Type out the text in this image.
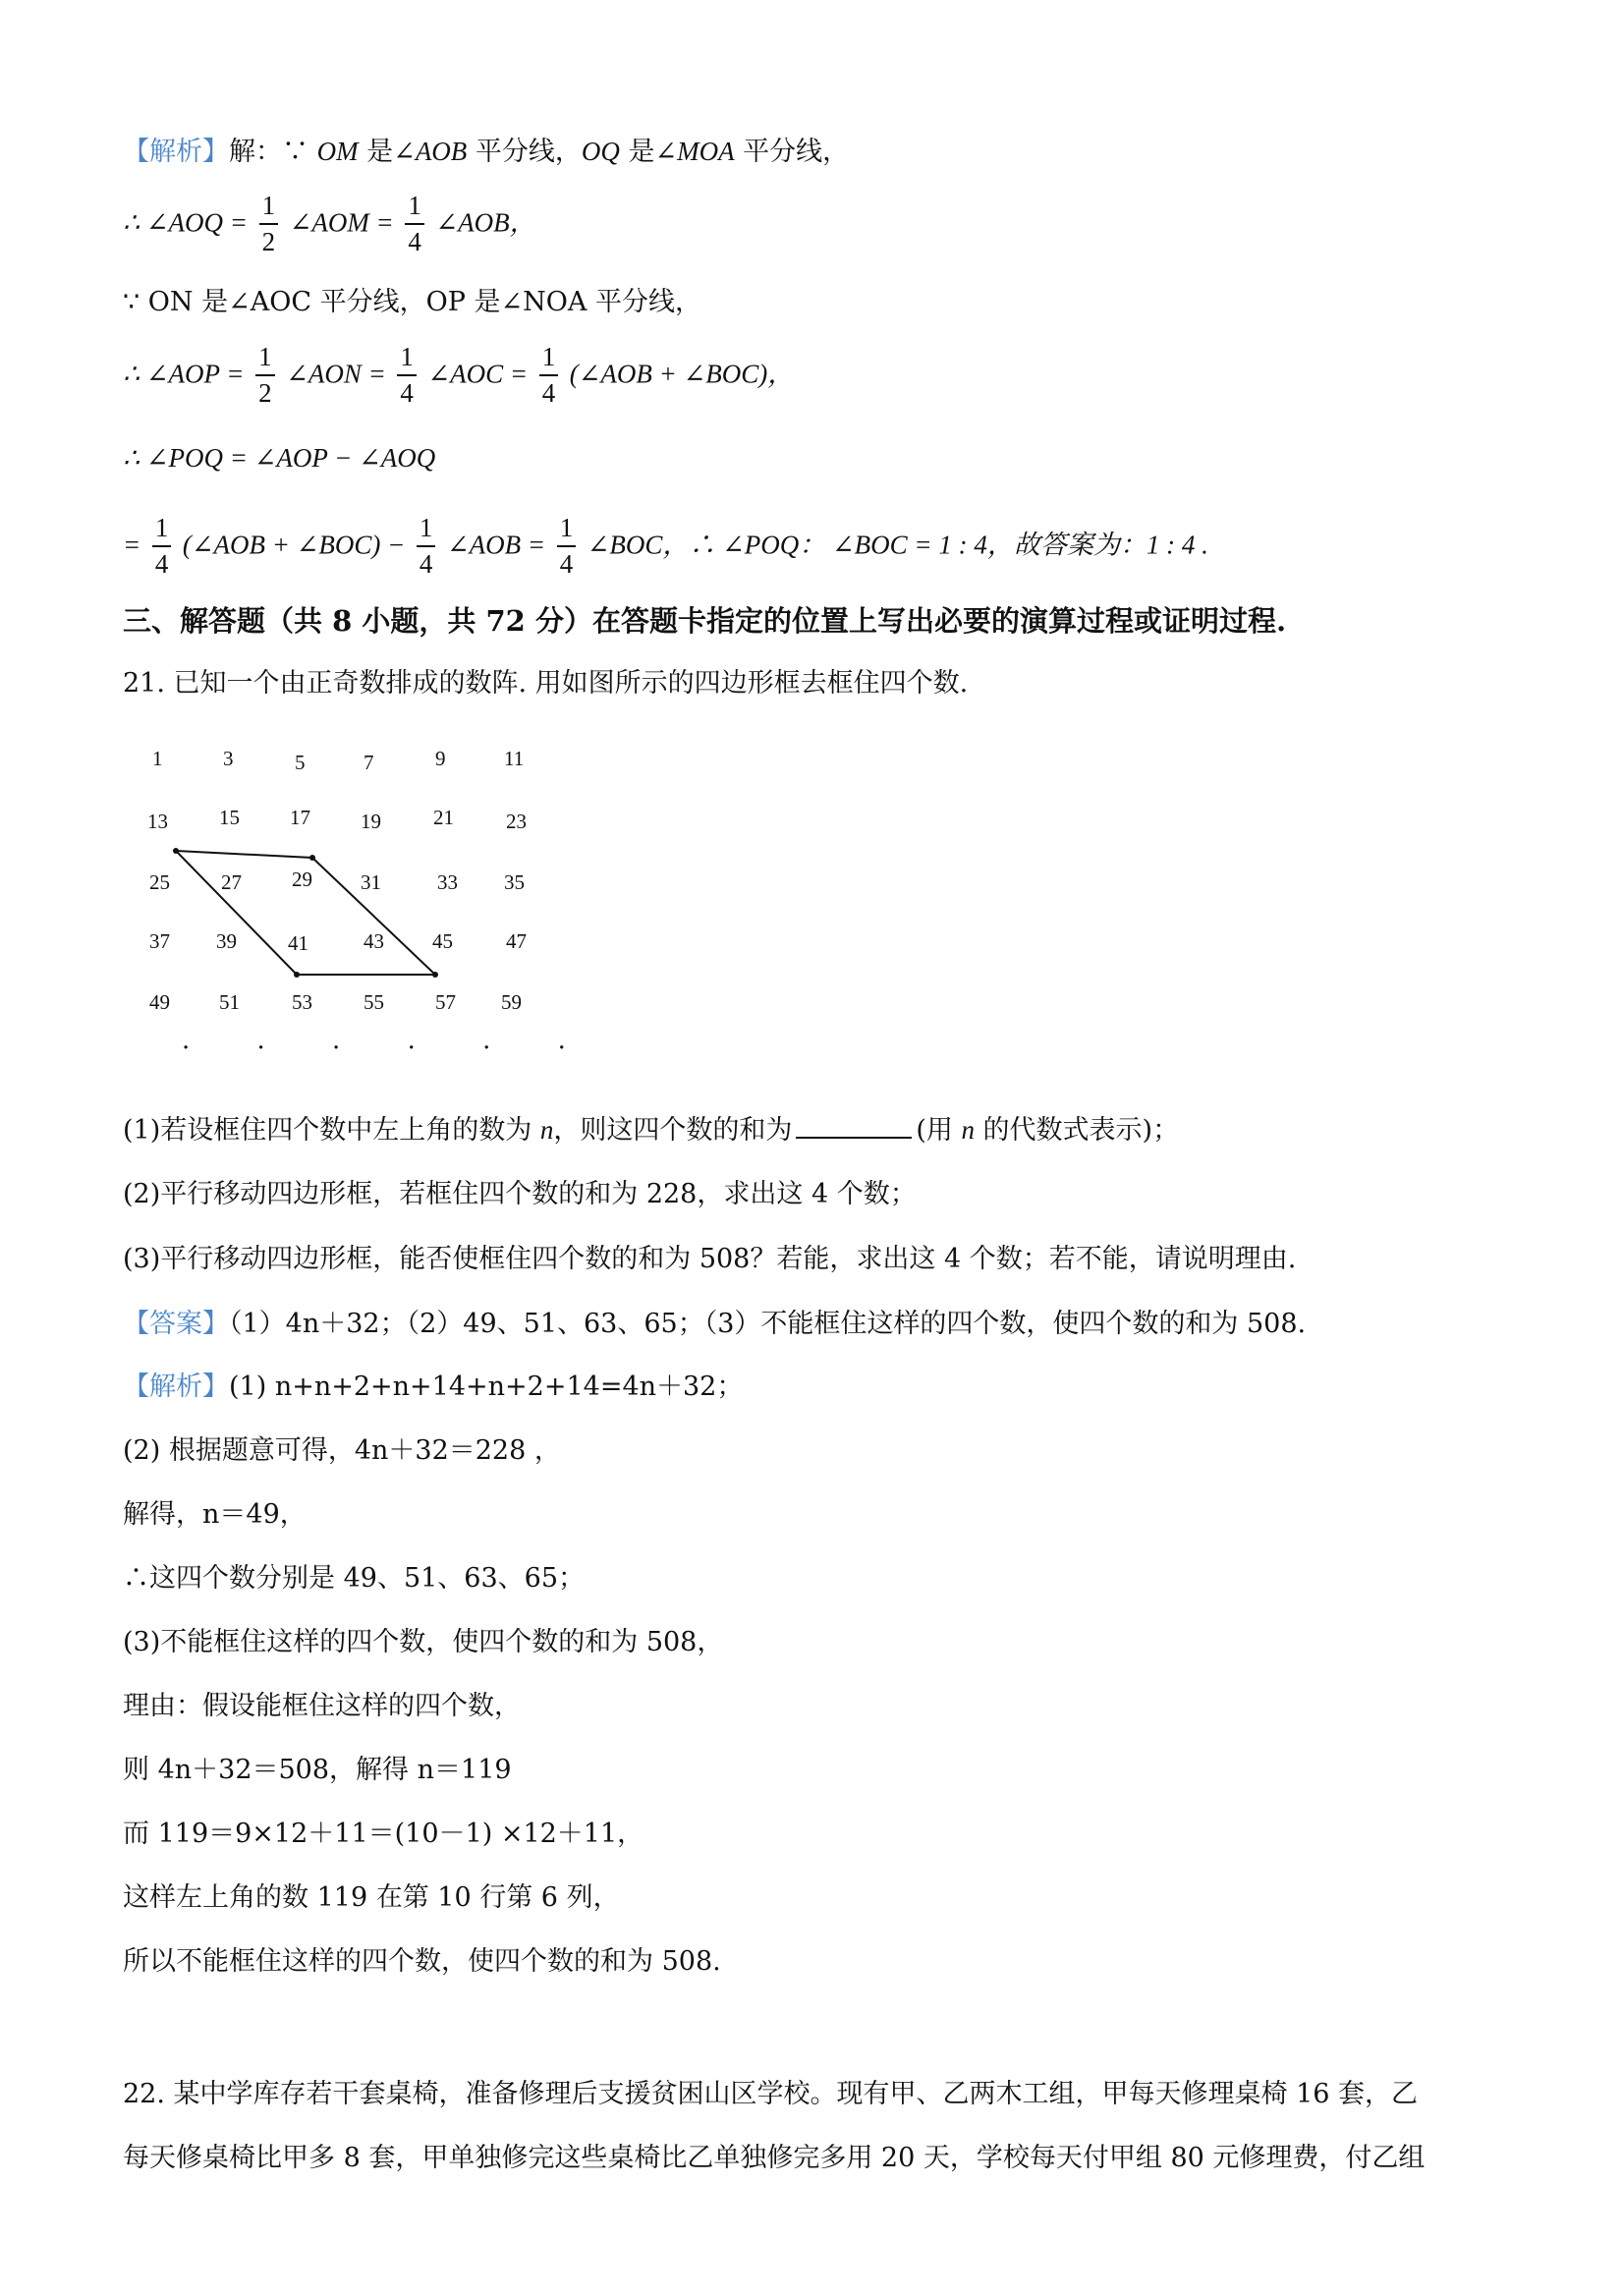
【解析】解：∵ OM 是∠AOB 平分线，OQ 是∠MOA 平分线，
∴ ∠AOQ = $\frac{1}{2}$ ∠AOM = $\frac{1}{4}$ ∠AOB，
∵ ON 是∠AOC 平分线，OP 是∠NOA 平分线，
∴ ∠AOP = $\frac{1}{2}$ ∠AON = $\frac{1}{4}$ ∠AOC = $\frac{1}{4}$ (∠AOB + ∠BOC)，
∴ ∠POQ = ∠AOP − ∠AOQ
= $\frac{1}{4}$ (∠AOB + ∠BOC) − $\frac{1}{4}$ ∠AOB = $\frac{1}{4}$ ∠BOC，∴ ∠POQ： ∠BOC = 1 : 4，故答案为：1 : 4 .
三、解答题（共 8 小题，共 72 分）在答题卡指定的位置上写出必要的演算过程或证明过程.
21. 已知一个由正奇数排成的数阵. 用如图所示的四边形框去框住四个数.
1	3	5	7	9	11
13 15 17 19	21	23
25 27 29 31	33 35
37 39 41	43 45	47
49 51	53 55 57 59
· · · · · ·
(1)若设框住四个数中左上角的数为 n，则这四个数的和为	(用 n 的代数式表示)；
(2)平行移动四边形框，若框住四个数的和为 228，求出这 4 个数；
(3)平行移动四边形框，能否使框住四个数的和为 508？若能，求出这 4 个数；若不能，请说明理由.
【答案】（1）4n＋32；（2）49、51、63、65；（3）不能框住这样的四个数，使四个数的和为 508.
【解析】(1) n+n+2+n+14+n+2+14=4n＋32；
(2) 根据题意可得，4n＋32＝228 ，
解得，n＝49，
∴这四个数分别是 49、51、63、65；
(3)不能框住这样的四个数，使四个数的和为 508，
理由：假设能框住这样的四个数，
则 4n＋32＝508，解得 n＝119
而 119＝9×12＋11＝(10－1) ×12＋11，
这样左上角的数 119 在第 10 行第 6 列，
所以不能框住这样的四个数，使四个数的和为 508.
22. 某中学库存若干套桌椅，准备修理后支援贫困山区学校。现有甲、乙两木工组，甲每天修理桌椅 16 套，乙
每天修桌椅比甲多 8 套，甲单独修完这些桌椅比乙单独修完多用 20 天，学校每天付甲组 80 元修理费，付乙组
